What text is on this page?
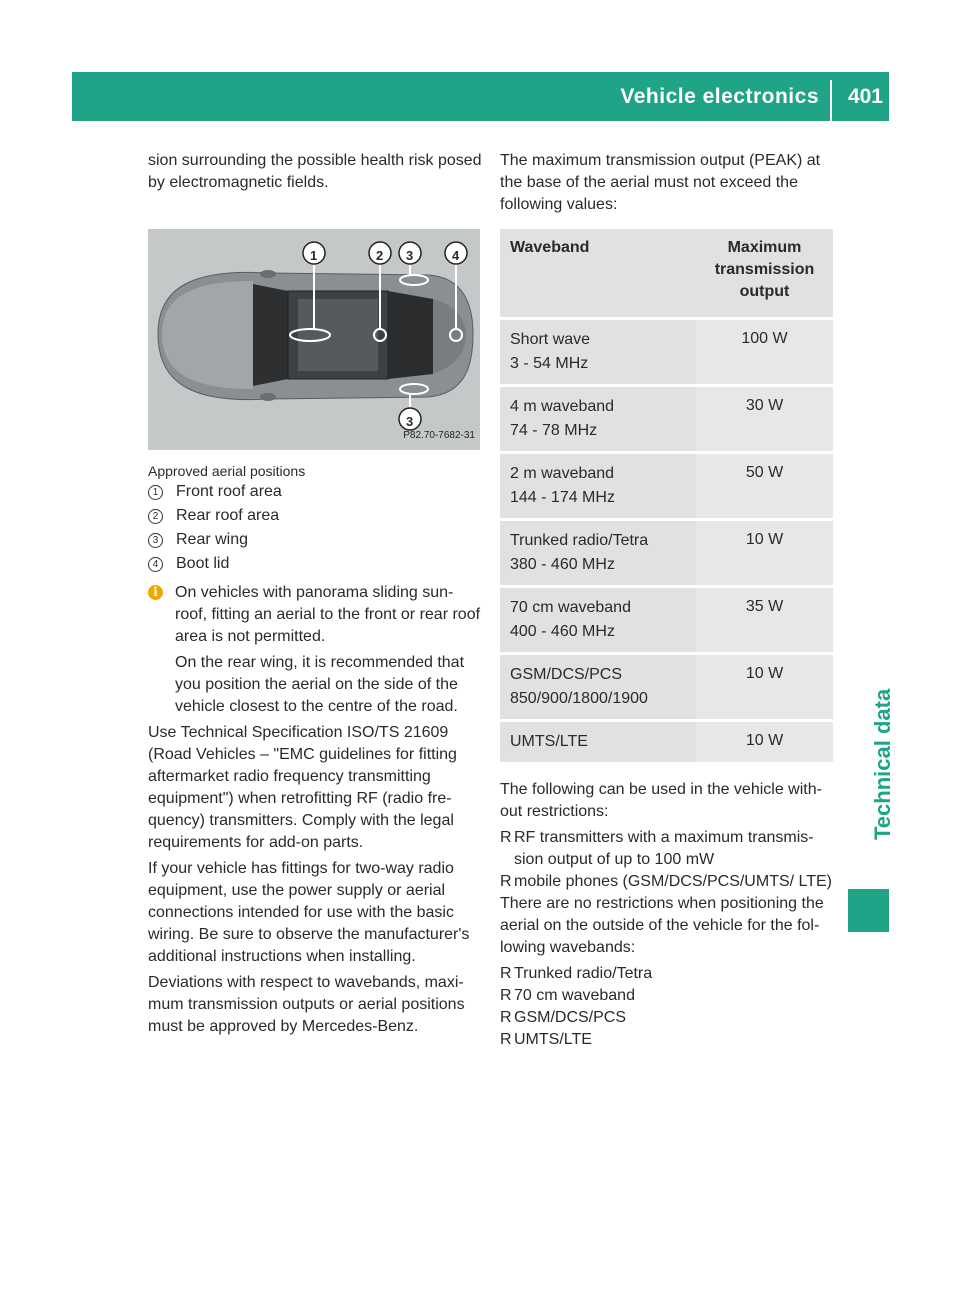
Vehicle electronics 401
Technical data

sion surrounding the possible health risk posed by electromagnetic fields.

1	2 3	4
3
P82.70-7682-31
Approved aerial positions
1 Front roof area
2 Rear roof area
3 Rear wing
4 Boot lid
i	On vehicles with panorama sliding sun-roof, fitting an aerial to the front or rear roof area is not permitted.

On the rear wing, it is recommended that you position the aerial on the side of the vehicle closest to the centre of the road.

Use Technical Specification ISO/TS 21609 (Road Vehicles – "EMC guidelines for fitting aftermarket radio frequency transmitting equipment") when retrofitting RF (radio fre-quency) transmitters. Comply with the legal requirements for add-on parts.

If your vehicle has fittings for two-way radio equipment, use the power supply or aerial connections intended for use with the basic wiring. Be sure to observe the manufacturer's additional instructions when installing.

Deviations with respect to wavebands, maxi-mum transmission outputs or aerial positions must be approved by Mercedes-Benz.

The maximum transmission output (PEAK) at the base of the aerial must not exceed the following values:

Waveband	Maximum transmission output

Short wave
3 - 54 MHz	100 W

4 m waveband
74 - 78 MHz	30 W

2 m waveband
144 - 174 MHz	50 W

Trunked radio/Tetra
380 - 460 MHz	10 W

70 cm waveband
400 - 460 MHz	35 W

GSM/DCS/PCS
850/900/1800/1900	10 W

UMTS/LTE	10 W

The following can be used in the vehicle with-out restrictions:

R RF transmitters with a maximum transmis-sion output of up to 100 mW
R mobile phones (GSM/DCS/PCS/UMTS/ LTE)

There are no restrictions when positioning the aerial on the outside of the vehicle for the fol-lowing wavebands:

R Trunked radio/Tetra
R 70 cm waveband
R GSM/DCS/PCS
R UMTS/LTE
